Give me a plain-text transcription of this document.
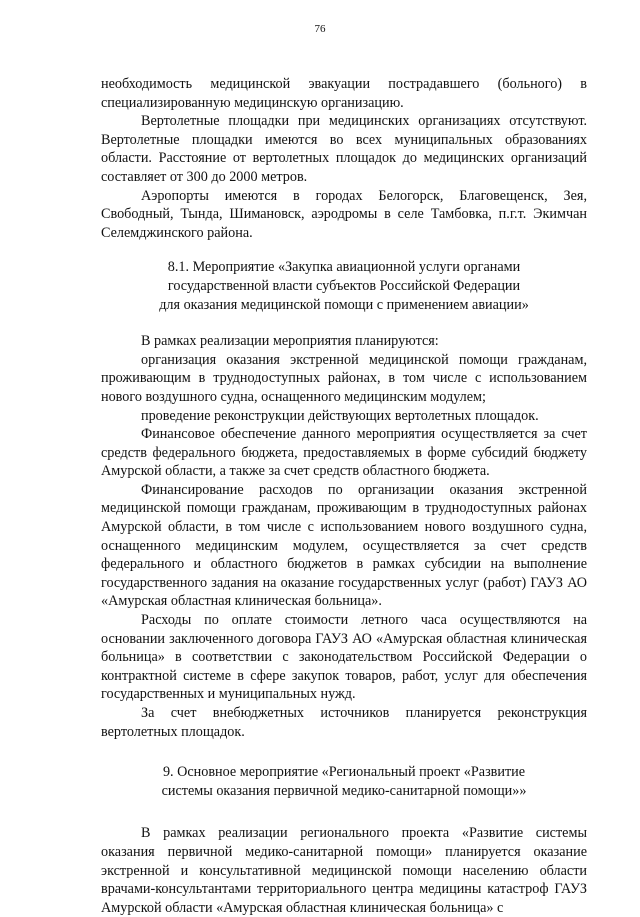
76

необходимость медицинской эвакуации пострадавшего (больного) в специализированную медицинскую организацию.

Вертолетные площадки при медицинских организациях отсутствуют. Вертолетные площадки имеются во всех муниципальных образованиях области. Расстояние от вертолетных площадок до медицинских организаций составляет от 300 до 2000 метров.

Аэропорты имеются в городах Белогорск, Благовещенск, Зея, Свободный, Тында, Шимановск, аэродромы в селе Тамбовка, п.г.т. Экимчан Селемджинского района.

8.1. Мероприятие «Закупка авиационной услуги органами
государственной власти субъектов Российской Федерации
для оказания медицинской помощи с применением авиации»

В рамках реализации мероприятия планируются:

организация оказания экстренной медицинской помощи гражданам, проживающим в труднодоступных районах, в том числе с использованием нового воздушного судна, оснащенного медицинским модулем;

проведение реконструкции действующих вертолетных площадок.

Финансовое обеспечение данного мероприятия осуществляется за счет средств федерального бюджета, предоставляемых в форме субсидий бюджету Амурской области, а также за счет средств областного бюджета.

Финансирование расходов по организации оказания экстренной медицинской помощи гражданам, проживающим в труднодоступных районах Амурской области, в том числе с использованием нового воздушного судна, оснащенного медицинским модулем, осуществляется за счет средств федерального и областного бюджетов в рамках субсидии на выполнение государственного задания на оказание государственных услуг (работ) ГАУЗ АО «Амурская областная клиническая больница».

Расходы по оплате стоимости летного часа осуществляются на основании заключенного договора ГАУЗ АО «Амурская областная клиническая больница» в соответствии с законодательством Российской Федерации о контрактной системе в сфере закупок товаров, работ, услуг для обеспечения государственных и муниципальных нужд.

За счет внебюджетных источников планируется реконструкция вертолетных площадок.

9. Основное мероприятие «Региональный проект «Развитие
системы оказания первичной медико-санитарной помощи»»

В рамках реализации регионального проекта «Развитие системы оказания первичной медико-санитарной помощи» планируется оказание экстренной и консультативной медицинской помощи населению области врачами-консультантами территориального центра медицины катастроф ГАУЗ Амурской области «Амурская областная клиническая больница» с
